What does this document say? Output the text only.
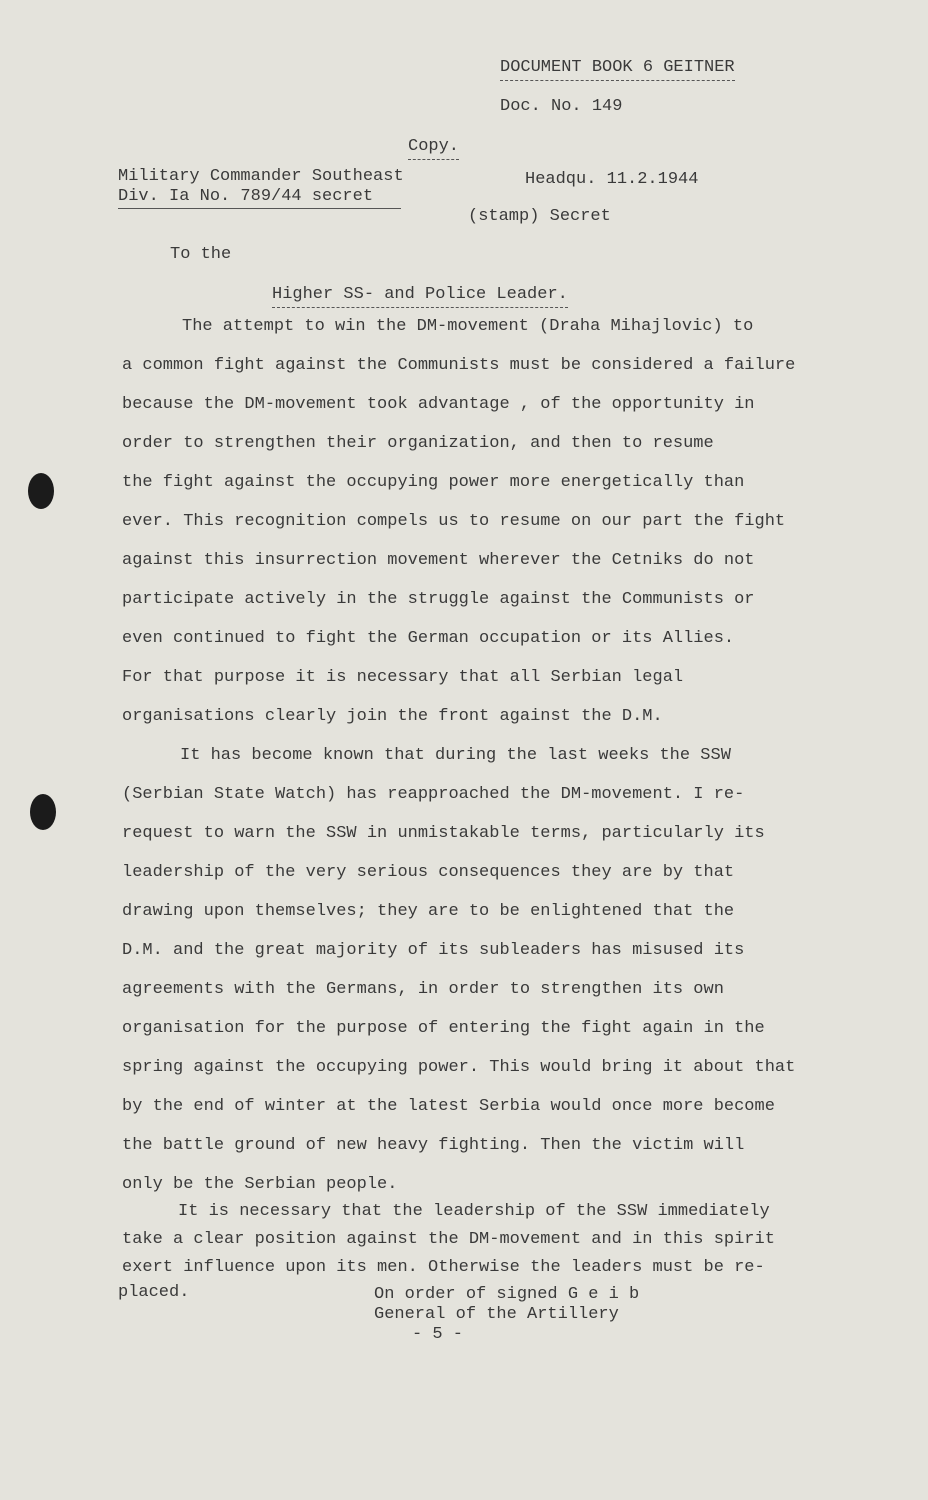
DOCUMENT BOOK 6 GEITNER
Doc. No. 149
Copy.
Military Commander Southeast
Div. Ia No. 789/44 secret
Headqu. 11.2.1944
(stamp) Secret
To the
Higher SS- and Police Leader.
The attempt to win the DM-movement (Draha Mihajlovic) to
a common fight against the Communists must be considered a failure
because the DM-movement took advantage , of the opportunity in
order to strengthen their organization, and then to resume
the fight against the occupying power more energetically than
ever. This recognition compels us to resume on our part the fight
against this insurrection movement wherever the Cetniks do not
participate actively in the struggle against the Communists or
even continued to fight the German occupation or its Allies.
For that purpose it is necessary that all Serbian legal
organisations clearly join the front against the D.M.
It has become known that during the last weeks the SSW
(Serbian State Watch) has reapproached the DM-movement. I re-
request to warn the SSW in unmistakable terms, particularly its
leadership of the very serious consequences they are by that
drawing upon themselves; they are to be enlightened that the
D.M. and the great majority of its subleaders has misused its
agreements with the Germans, in order to strengthen its own
organisation for the purpose of entering the fight again in the
spring against the occupying power. This would bring it about that
by the end of winter at the latest Serbia would once more become
the battle ground of new heavy fighting. Then the victim will
only be the Serbian people.
It is necessary that the leadership of the SSW immediately
take a clear position against the DM-movement and in this spirit
exert influence upon its men. Otherwise the leaders must be re-
placed.	On order of signed G e i b
General of the Artillery
- 5 -
